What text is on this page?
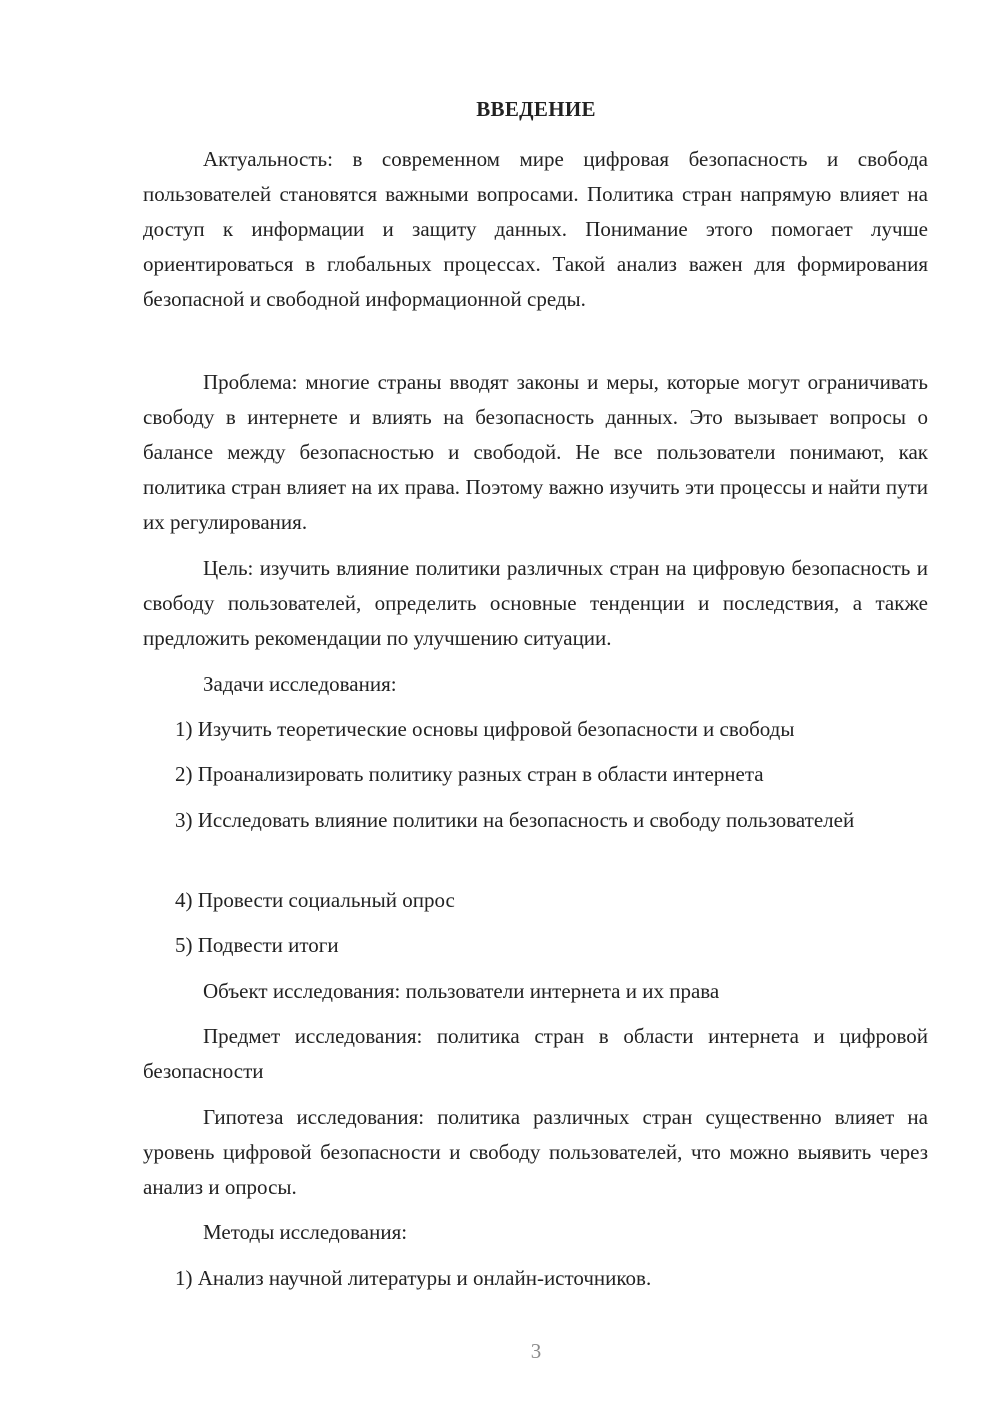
ВВЕДЕНИЕ

Актуальность: в современном мире цифровая безопасность и свобода пользователей становятся важными вопросами. Политика стран напрямую влияет на доступ к информации и защиту данных. Понимание этого помогает лучше ориентироваться в глобальных процессах. Такой анализ важен для формирования безопасной и свободной информационной среды.

Проблема: многие страны вводят законы и меры, которые могут ограничивать свободу в интернете и влиять на безопасность данных. Это вызывает вопросы о балансе между безопасностью и свободой. Не все пользователи понимают, как политика стран влияет на их права. Поэтому важно изучить эти процессы и найти пути их регулирования.

Цель: изучить влияние политики различных стран на цифровую безопасность и свободу пользователей, определить основные тенденции и последствия, а также предложить рекомендации по улучшению ситуации.

Задачи исследования:

1) Изучить теоретические основы цифровой безопасности и свободы

2) Проанализировать политику разных стран в области интернета

3) Исследовать влияние политики на безопасность и свободу пользователей

4) Провести социальный опрос

5) Подвести итоги

Объект исследования: пользователи интернета и их права

Предмет исследования: политика стран в области интернета и цифровой безопасности

Гипотеза исследования: политика различных стран существенно влияет на уровень цифровой безопасности и свободу пользователей, что можно выявить через анализ и опросы.

Методы исследования:

1) Анализ научной литературы и онлайн-источников.

3
